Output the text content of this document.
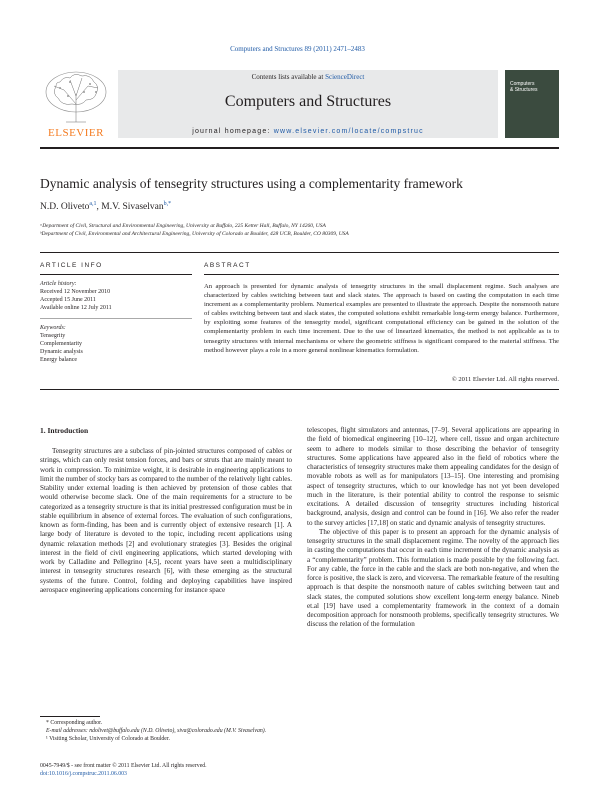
Computers and Structures 89 (2011) 2471–2483
ELSEVIER
Contents lists available at ScienceDirect
Computers and Structures
journal homepage: www.elsevier.com/locate/compstruc
Computers
& Structures
Dynamic analysis of tensegrity structures using a complementarity framework
N.D. Oliveto$^{a,1}$, M.V. Sivaselvan$^{b,*}$
ᵃDepartment of Civil, Structural and Environmental Engineering, University at Buffalo, 225 Ketter Hall, Buffalo, NY 14260, USA
ᵇDepartment of Civil, Environmental and Architectural Engineering, University of Colorado at Boulder, 428 UCB, Boulder, CO 80309, USA
ARTICLE INFO
Article history:
Received 12 November 2010
Accepted 15 June 2011
Available online 12 July 2011
Keywords:
Tensegrity
Complementarity
Dynamic analysis
Energy balance
ABSTRACT
An approach is presented for dynamic analysis of tensegrity structures in the small displacement regime. Such analyses are characterized by cables switching between taut and slack states. The approach is based on casting the computation in each time increment as a complementarity problem. Numerical examples are presented to illustrate the approach. Despite the nonsmooth nature of cables switching between taut and slack states, the computed solutions exhibit remarkable long-term energy balance. Furthermore, by exploiting some features of the tensegrity model, significant computational efficiency can be gained in the solution of the complementarity problem in each time increment. Due to the use of linearized kinematics, the method is not applicable as is to tensegrity structures with internal mechanisms or where the geometric stiffness is significant compared to the material stiffness. The method however plays a role in a more general nonlinear kinematics formulation.
© 2011 Elsevier Ltd. All rights reserved.
1. Introduction

Tensegrity structures are a subclass of pin-jointed structures composed of cables or strings, which can only resist tension forces, and bars or struts that are mainly meant to work in compression. To minimize weight, it is desirable in engineering applications to limit the number of stocky bars as compared to the number of the relatively light cables. Stability under external loading is then achieved by pretension of those cables that would otherwise become slack. One of the main requirements for a structure to be categorized as a tensegrity structure is that its initial prestressed configuration must be in stable equilibrium in absence of external forces. The evaluation of such configurations, known as form-finding, has been and is currently object of extensive research [1]. A large body of literature is devoted to the topic, including recent applications using dynamic relaxation methods [2] and evolutionary strategies [3]. Besides the original interest in the field of civil engineering applications, which started developing with work by Calladine and Pellegrino [4,5], recent years have seen a multidisciplinary interest in tensegrity structures research [6], with these emerging as the structural systems of the future. Control, folding and deploying capabilities have inspired aerospace engineering applications concerning for instance space

telescopes, flight simulators and antennas, [7–9]. Several applications are appearing in the field of biomedical engineering [10–12], where cell, tissue and organ architecture seem to adhere to models similar to those describing the behavior of tensegrity structures. Some applications have appeared also in the field of robotics where the characteristics of tensegrity structures make them appealing candidates for the design of movable robots as well as for manipulators [13–15]. One interesting and promising aspect of tensegrity structures, which to our knowledge has not yet been developed much in the literature, is their potential ability to control the response to seismic excitations. A detailed discussion of tensegrity structures including historical background, analysis, design and control can be found in [16]. We also refer the reader to the survey articles [17,18] on static and dynamic analysis of tensegrity structures.

The objective of this paper is to present an approach for the dynamic analysis of tensegrity structures in the small displacement regime. The novelty of the approach lies in casting the computations that occur in each time increment of the dynamic analysis as a “complementarity” problem. This formulation is made possible by the following fact. For any cable, the force in the cable and the slack are both non-negative, and when the force is positive, the slack is zero, and viceversa. The remarkable feature of the resulting approach is that despite the nonsmooth nature of cables switching between taut and slack states, the computed solutions show excellent long-term energy balance. Nineb et.al [19] have used a complementarity framework in the context of a domain decomposition approach for nonsmooth problems, specifically tensegrity structures. We discuss the relation of the formulation

* Corresponding author.
E-mail addresses: ndolivet@buffalo.edu (N.D. Oliveto), siva@colorado.edu (M.V. Sivaselvan).
¹ Visiting Scholar, University of Colorado at Boulder.
0045-7949/$ - see front matter © 2011 Elsevier Ltd. All rights reserved.
doi:10.1016/j.compstruc.2011.06.003
